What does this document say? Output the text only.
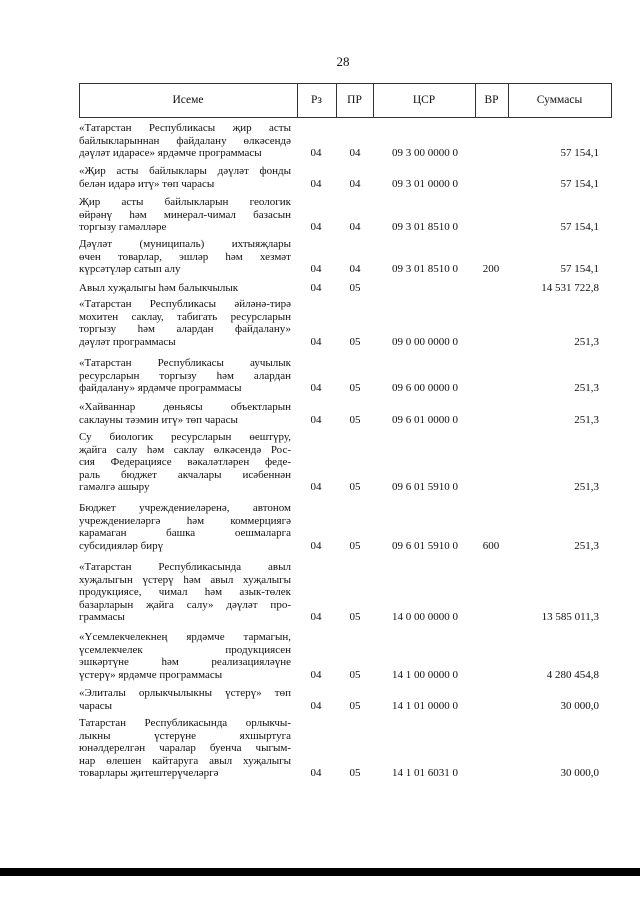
28
Исеме	Рз	ПР	ЦСР	ВР	Суммасы
«Татарстан Республикасы җир асты
байлыкларыннан файдалану өлкәсендә
дәүләт идарәсе» ярдәмче программасы	04	04	09 3 00 0000 0	57 154,1
«Җир асты байлыклары дәүләт фонды
белән идарә итү» төп чарасы	04	04	09 3 01 0000 0	57 154,1
Җир асты байлыкларын геологик
өйрәнү һәм минерал-чимал базасын
торгызу гамәлләре	04	04	09 3 01 8510 0	57 154,1
Дәүләт (муниципаль) ихтыяҗлары
өчен товарлар, эшләр һәм хезмәт
күрсәтүләр сатып алу	04	04	09 3 01 8510 0	200	57 154,1
Авыл хуҗалыгы һәм балыкчылык	04	05	14 531 722,8
«Татарстан Республикасы әйләнә-тирә
мохитен саклау, табигать ресурсларын
торгызу һәм алардан файдалану»
дәүләт программасы	04	05	09 0 00 0000 0	251,3
«Татарстан Республикасы аучылык
ресурсларын торгызу һәм алардан
файдалану» ярдәмче программасы	04	05	09 6 00 0000 0	251,3
«Хайваннар дөньясы объектларын
саклауны тәэмин итү» төп чарасы	04	05	09 6 01 0000 0	251,3
Су биологик ресурсларын өештүру,
җайга салу һәм саклау өлкәсендә Рос-
сия Федерациясе вәкаләтләрен феде-
раль бюджет акчалары исәбеннән
гамәлгә ашыру	04	05	09 6 01 5910 0	251,3
Бюджет учреждениеләренә, автоном
учреждениеләргә һәм коммерциягә
карамаган башка оешмаларга
субсидияләр бирү	04	05	09 6 01 5910 0	600	251,3
«Татарстан Республикасында авыл
хуҗалыгын үстерү һәм авыл хуҗалыгы
продукциясе, чимал һәм азык-төлек
базарларын җайга салу» дәүләт про-
граммасы	04	05	14 0 00 0000 0	13 585 011,3
«Үсемлекчелекнең ярдәмче тармагын,
үсемлекчелек продукциясен
эшкәртүне һәм реализацияләүне
үстерү» ярдәмче программасы	04	05	14 1 00 0000 0	4 280 454,8
«Элиталы орлыкчылыкны үстерү» төп
чарасы	04	05	14 1 01 0000 0	30 000,0
Татарстан Республикасында орлыкчы-
лыкны үстерүне яхшыртуга
юнәлдерелгән чаралар буенча чыгым-
нар өлешен кайтаруга авыл хуҗалыгы
товарлары җитештерүчеләргә	04	05	14 1 01 6031 0	30 000,0
